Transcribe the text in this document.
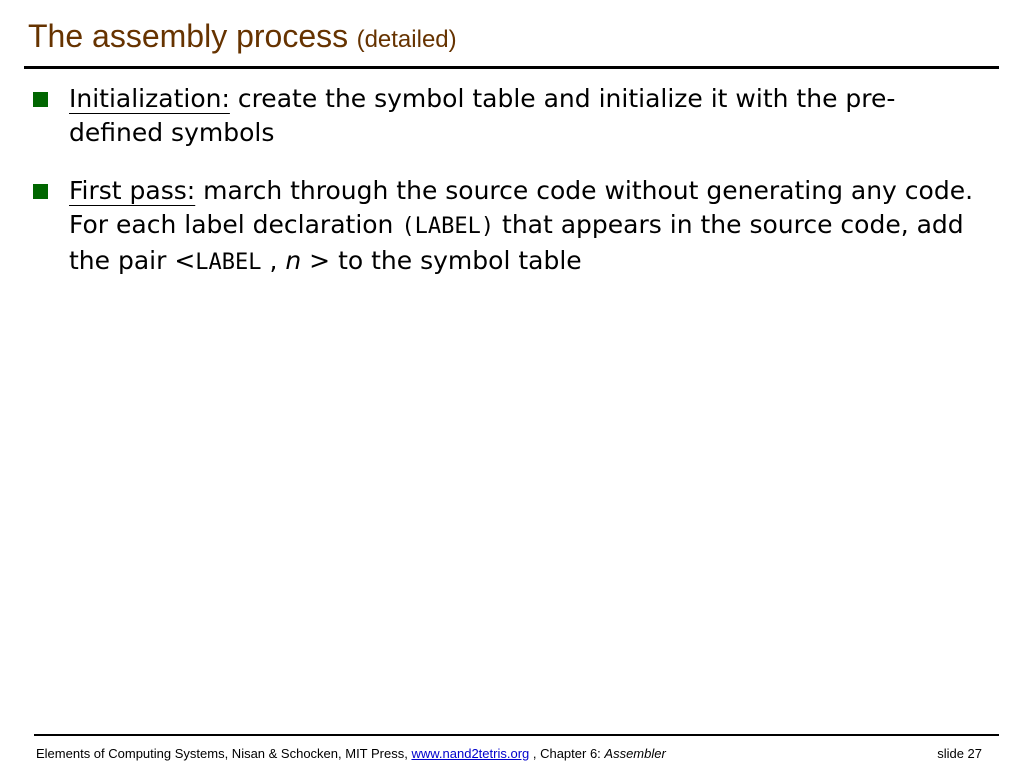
The assembly process (detailed)
Initialization: create the symbol table and initialize it with the pre-defined symbols
First pass: march through the source code without generating any code.
For each label declaration (LABEL) that appears in the source code, add the pair <LABEL , n > to the symbol table
Elements of Computing Systems, Nisan & Schocken, MIT Press, www.nand2tetris.org , Chapter 6: Assembler	slide 27
